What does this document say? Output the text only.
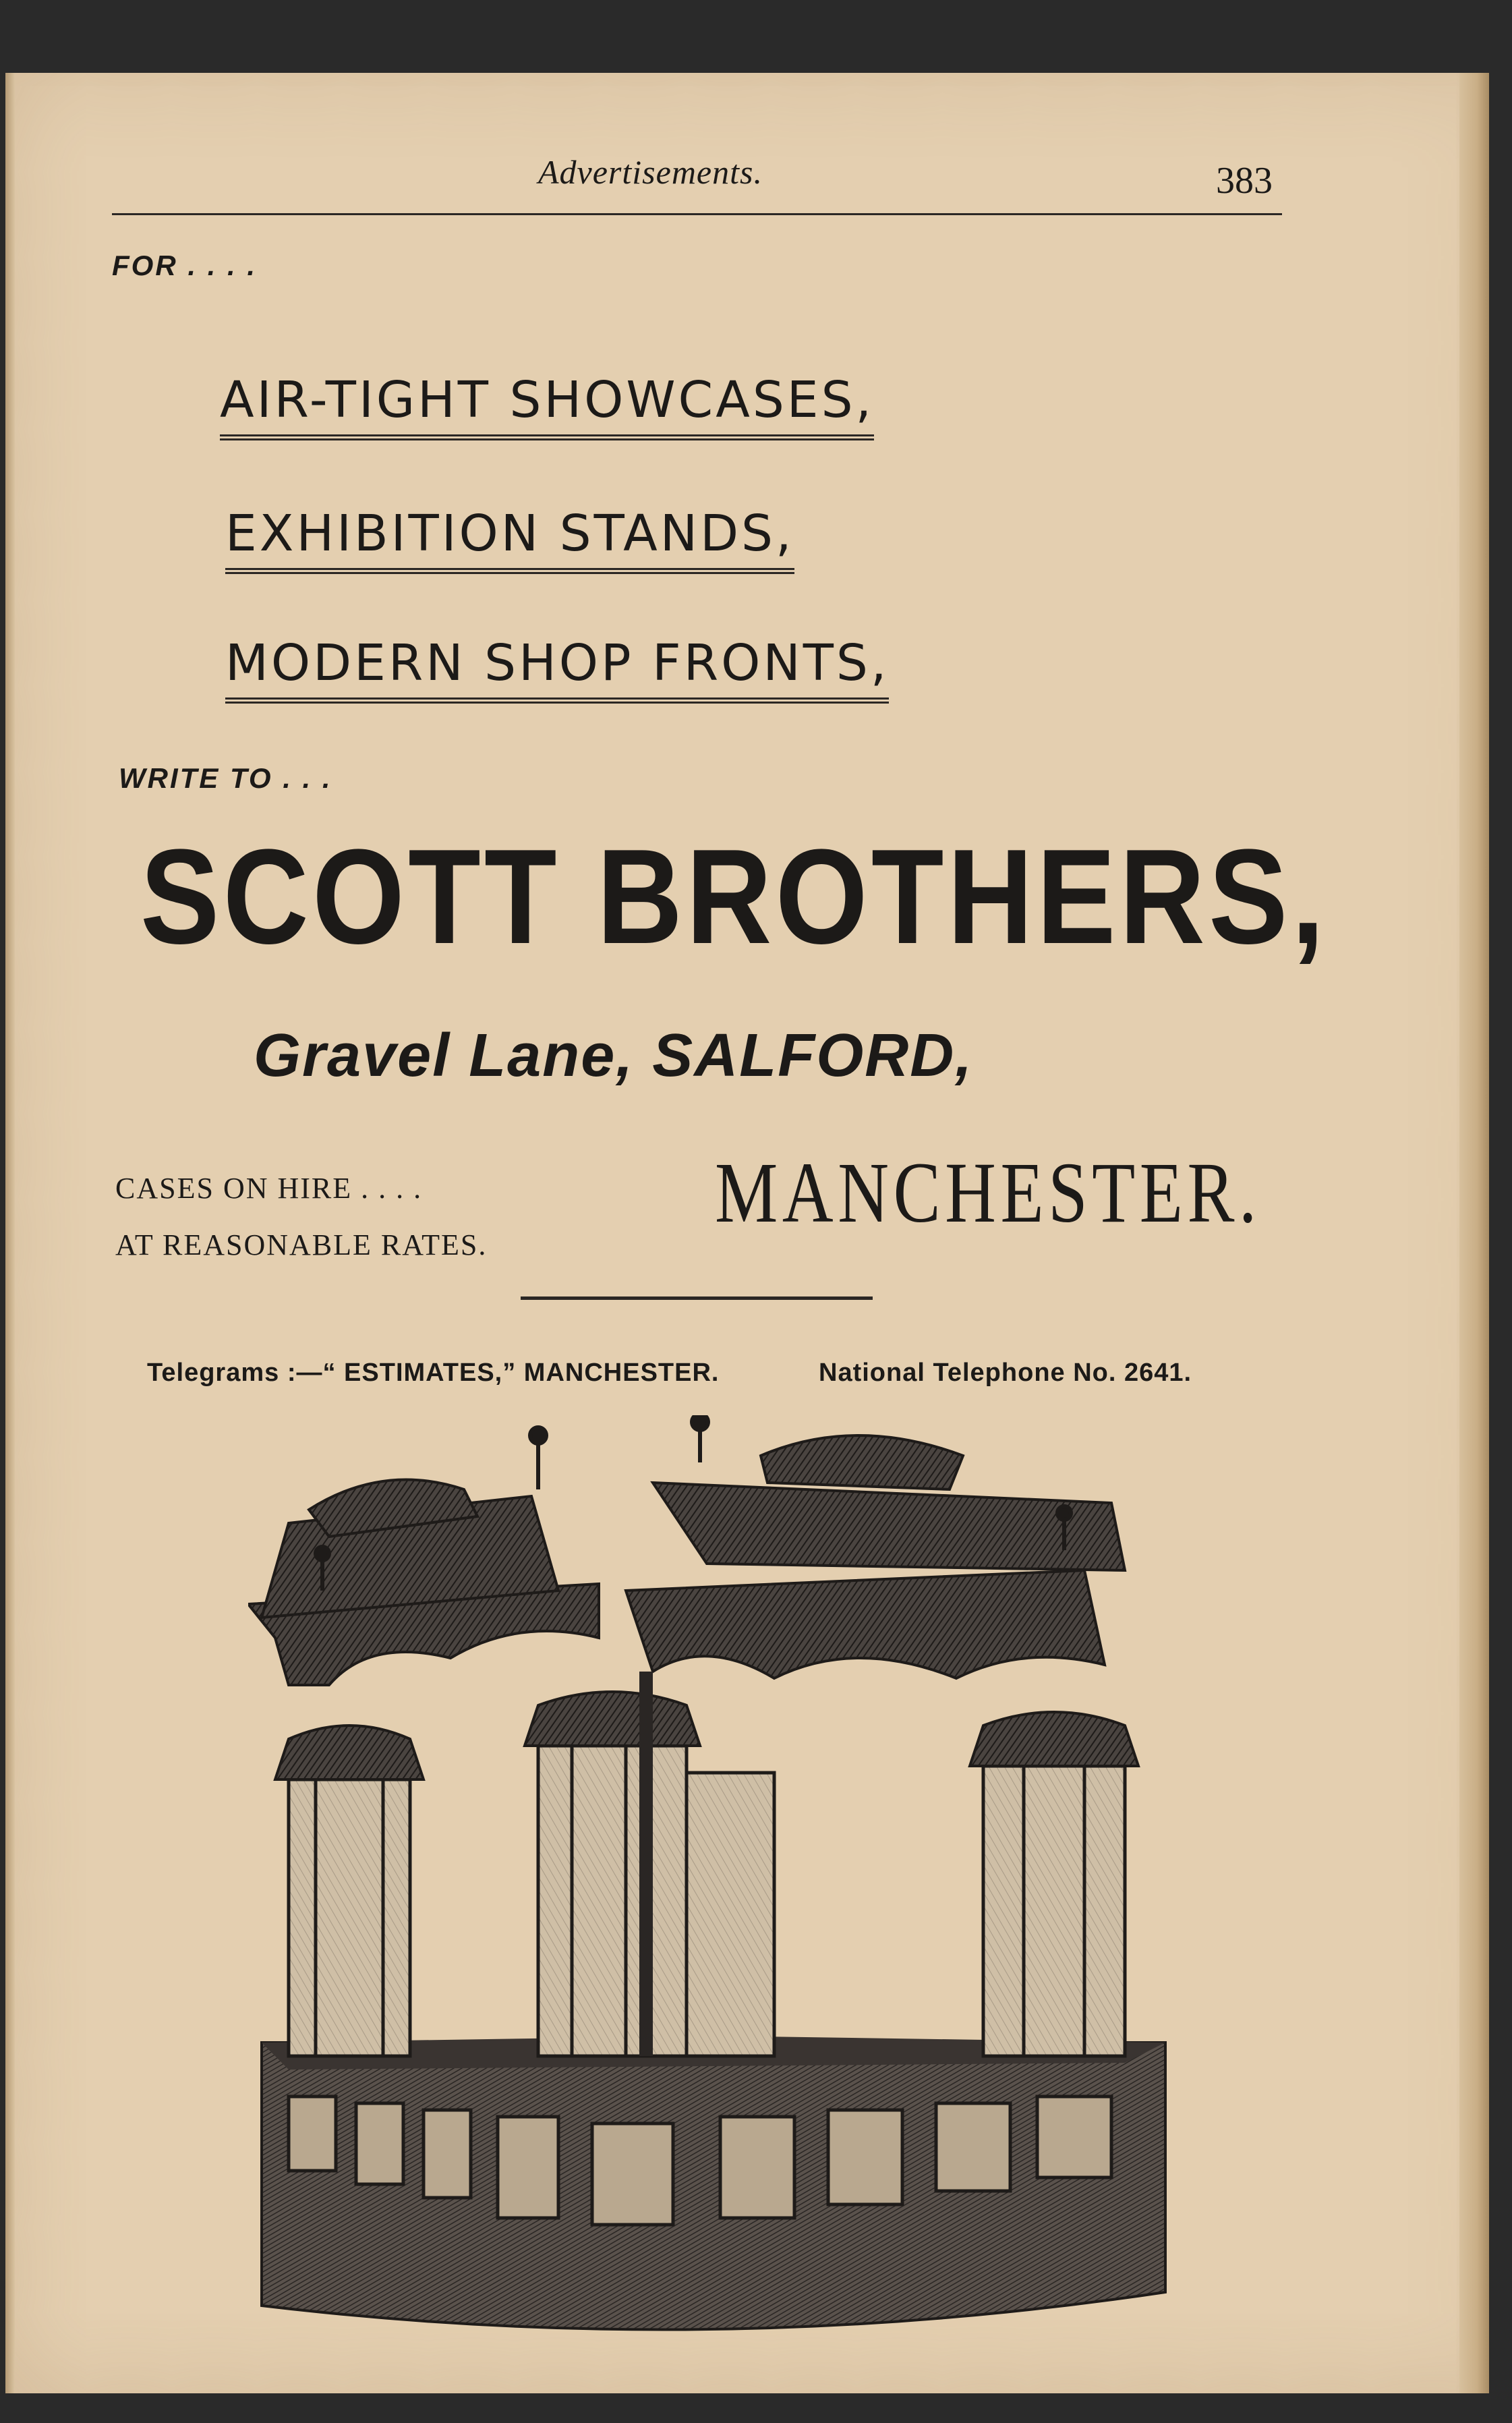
Advertisements.	383
FOR . . . .
AIR-TIGHT SHOWCASES,
EXHIBITION STANDS,
MODERN SHOP FRONTS,
WRITE TO . . .
SCOTT BROTHERS,
Gravel Lane, SALFORD,
CASES ON HIRE . . . .
AT REASONABLE RATES.
MANCHESTER.
Telegrams :—“ ESTIMATES,” MANCHESTER.	National Telephone No. 2641.
